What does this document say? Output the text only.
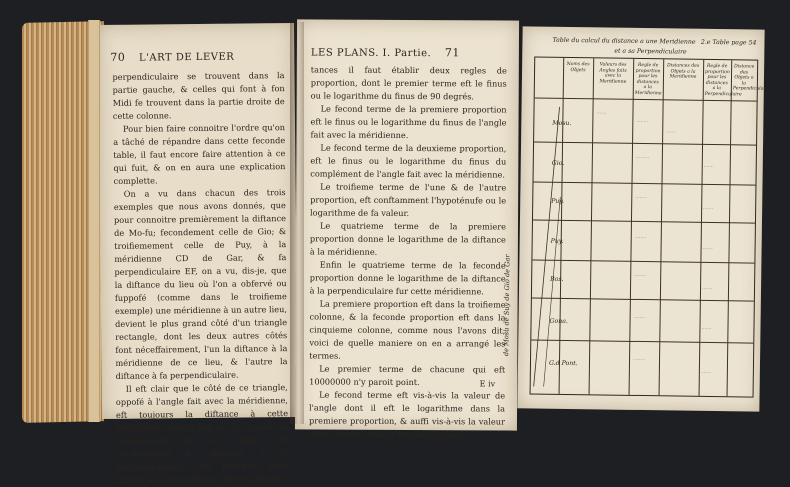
70 L'ART DE LEVER

perpendiculaire se trouvent dans la partie gauche, & celles qui font à fon Midi fe trouvent dans la partie droite de cette colonne.

Pour bien faire connoitre l'ordre qu'on a tâché de répandre dans cette feconde table, il faut encore faire attention à ce qui fuit, & on en aura une explication complette.

On a vu dans chacun des trois exemples que nous avons donnés, que pour connoitre premièrement la diftance de Mo-fu; fecondement celle de Gio; & troifiemement celle de Puy, à la méridienne CD de Gar, & fa perpendiculaire EF, on a vu, dis-je, que la diftance du lieu où l'on a obfervé ou fuppofé (comme dans le troifieme exemple) une méridienne à un autre lieu, devient le plus grand côté d'un triangle rectangle, dont les deux autres côtés font néceffairement, l'un la diftance à la méridienne de ce lieu, & l'autre la diftance à fa perpendiculaire.

Il eft clair que le côté de ce triangle, oppofé à l'angle fait avec la méridienne, eft toujours la diftance à cette méridienne, tandis que le côté oppofé au complément de cet angle eft conftamment la diftance à fa perpendiculaire: c'eft pourquoi pour arriver à la connoiffance de ces deux di-

LES PLANS. I. Partie. 71

tances il faut établir deux regles de proportion, dont le premier terme eft le finus ou le logarithme du finus de 90 degrés.

Le fecond terme de la premiere proportion eft le finus ou le logarithme du finus de l'angle fait avec la méridienne.

Le fecond terme de la deuxieme proportion, eft le finus ou le logarithme du finus du complément de l'angle fait avec la méridienne.

Le troifieme terme de l'une & de l'autre proportion, eft conftamment l'hypoténufe ou le logarithme de fa valeur.

Le quatrieme terme de la premiere proportion donne le logarithme de la diftance à la méridienne.

Enfin le quatrieme terme de la feconde proportion donne le logarithme de la diftance à la perpendiculaire fur cette méridienne.

La premiere proportion eft dans la troifieme colonne, & la feconde proportion eft dans la cinquieme colonne, comme nous l'avons dit; voici de quelle maniere on en a arrangé les termes.

Le premier terme de chacune qui eft 10000000 n'y paroit point.

Le fecond terme eft vis-à-vis la valeur de l'angle dont il eft le logarithme dans la premiere proportion, & auffi vis-à-vis la valeur de cet angle, dans la feconde propor-

E iv
Table du calcul du distance a une Meridienne
et a sa Perpendiculaire
2.e Table page 54
Noms des Objets
Valeurs des Angles faits avec la Meridienne
Regle de proportion pour les distances a la Meridienne
Distances des Objets a la Meridienne
Regle de proportion pour les distances a la Perpendiculaire
Distance des Objets a la Perpendiculaire
Mosu.
Gio.
Puy.
Puy.
Bas.
Gona.
G.d Pont.
·······
········
·······
·········
·······
········
·······
········
·······
········
·······
········
·······
········
·······
de Mosu de Suy de Gio de Gar
